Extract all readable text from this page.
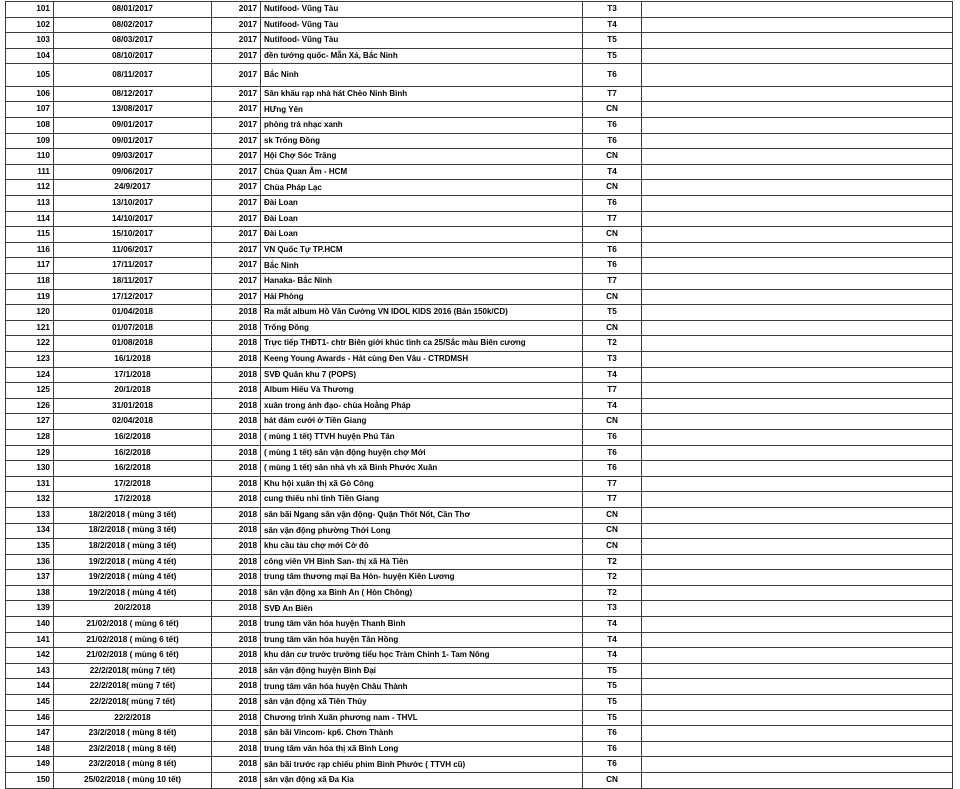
101	08/01/2017	2017	Nutifood- Vũng Tàu	T3	
102	08/02/2017	2017	Nutifood- Vũng Tàu	T4	
103	08/03/2017	2017	Nutifood- Vũng Tàu	T5	
104	08/10/2017	2017	đền tướng quốc- Mẫn Xá, Bắc Ninh	T5	
105	08/11/2017	2017	Bắc Ninh	T6	
106	08/12/2017	2017	Sân khấu rạp nhà hát Chèo Ninh Bình	T7	
107	13/08/2017	2017	HƯng Yên	CN	
108	09/01/2017	2017	phòng trà nhạc xanh	T6	
109	09/01/2017	2017	sk Trống Đồng	T6	
110	09/03/2017	2017	Hội Chợ Sóc Trăng	CN	
111	09/06/2017	2017	Chùa Quan Âm - HCM	T4	
112	24/9/2017	2017	Chùa Pháp Lạc	CN	
113	13/10/2017	2017	Đài Loan	T6	
114	14/10/2017	2017	Đài Loan	T7	
115	15/10/2017	2017	Đài Loan	CN	
116	11/06/2017	2017	VN Quốc Tự TP.HCM	T6	
117	17/11/2017	2017	Bắc Ninh	T6	
118	18/11/2017	2017	Hanaka- Bắc Ninh	T7	
119	17/12/2017	2017	Hải Phòng	CN	
120	01/04/2018	2018	Ra mắt album Hồ Văn Cường VN IDOL KIDS 2016 (Bán 150k/CD)	T5	
121	01/07/2018	2018	Trống Đồng	CN	
122	01/08/2018	2018	Trực tiếp THĐT1- chtr Biên giới khúc tình ca 25/Sắc màu Biên cương	T2	
123	16/1/2018	2018	Keeng Young Awards - Hát cùng Đen Vâu - CTRDMSH	T3	
124	17/1/2018	2018	SVĐ Quân khu 7 (POPS)	T4	
125	20/1/2018	2018	Album Hiếu Và Thương	T7	
126	31/01/2018	2018	xuân trong ánh đạo- chùa Hoằng Pháp	T4	
127	02/04/2018	2018	hát đám cưới ở Tiền Giang	CN	
128	16/2/2018	2018	( mùng 1 tết) TTVH huyện Phú Tân	T6	
129	16/2/2018	2018	( mùng 1 tết) sân vận động huyện chợ Mới	T6	
130	16/2/2018	2018	( mùng 1 tết) sân nhà vh xã Bình Phước Xuân	T6	
131	17/2/2018	2018	Khu hội xuân thị xã Gò Công	T7	
132	17/2/2018	2018	cung thiếu nhi tỉnh Tiền Giang	T7	
133	18/2/2018 ( mùng 3 tết)	2018	sân bãi Ngang sân vận động- Quận Thốt Nốt, Cần Thơ	CN	
134	18/2/2018 ( mùng 3 tết)	2018	sân vận động phường Thới Long	CN	
135	18/2/2018 ( mùng 3 tết)	2018	khu cầu tàu chợ mới Cờ đỏ	CN	
136	19/2/2018 ( mùng 4 tết)	2018	công viên VH Bình San- thị xã Hà Tiên	T2	
137	19/2/2018 ( mùng 4 tết)	2018	trung tâm thương mại Ba Hòn- huyện Kiên Lương	T2	
138	19/2/2018 ( mùng 4 tết)	2018	sân vận động xa Bình An ( Hòn Chông)	T2	
139	20/2/2018	2018	SVĐ An Biên	T3	
140	21/02/2018 ( mùng 6 tết)	2018	trung tâm văn hóa huyện Thanh Bình	T4	
141	21/02/2018 ( mùng 6 tết)	2018	trung tâm văn hóa huyện Tân Hồng	T4	
142	21/02/2018 ( mùng 6 tết)	2018	khu dân cư trước trường tiểu học Tràm Chinh 1- Tam Nông	T4	
143	22/2/2018( mùng 7 tết)	2018	sân vận động huyện Bình Đại	T5	
144	22/2/2018( mùng 7 tết)	2018	trung tâm văn hóa huyện Châu Thành	T5	
145	22/2/2018( mùng 7 tết)	2018	sân vận động xã Tiên Thủy	T5	
146	22/2/2018	2018	Chương trình Xuân phương nam - THVL	T5	
147	23/2/2018 ( mùng 8 tết)	2018	sân bãi Vincom- kp6. Chơn Thành	T6	
148	23/2/2018 ( mùng 8 tết)	2018	trung tâm văn hóa thị xã Bình Long	T6	
149	23/2/2018 ( mùng 8 tết)	2018	sân bãi trước rạp chiếu phim Bình Phước ( TTVH cũ)	T6	
150	25/02/2018 ( mùng 10 tết)	2018	sân vận động xã Đa Kia	CN	
